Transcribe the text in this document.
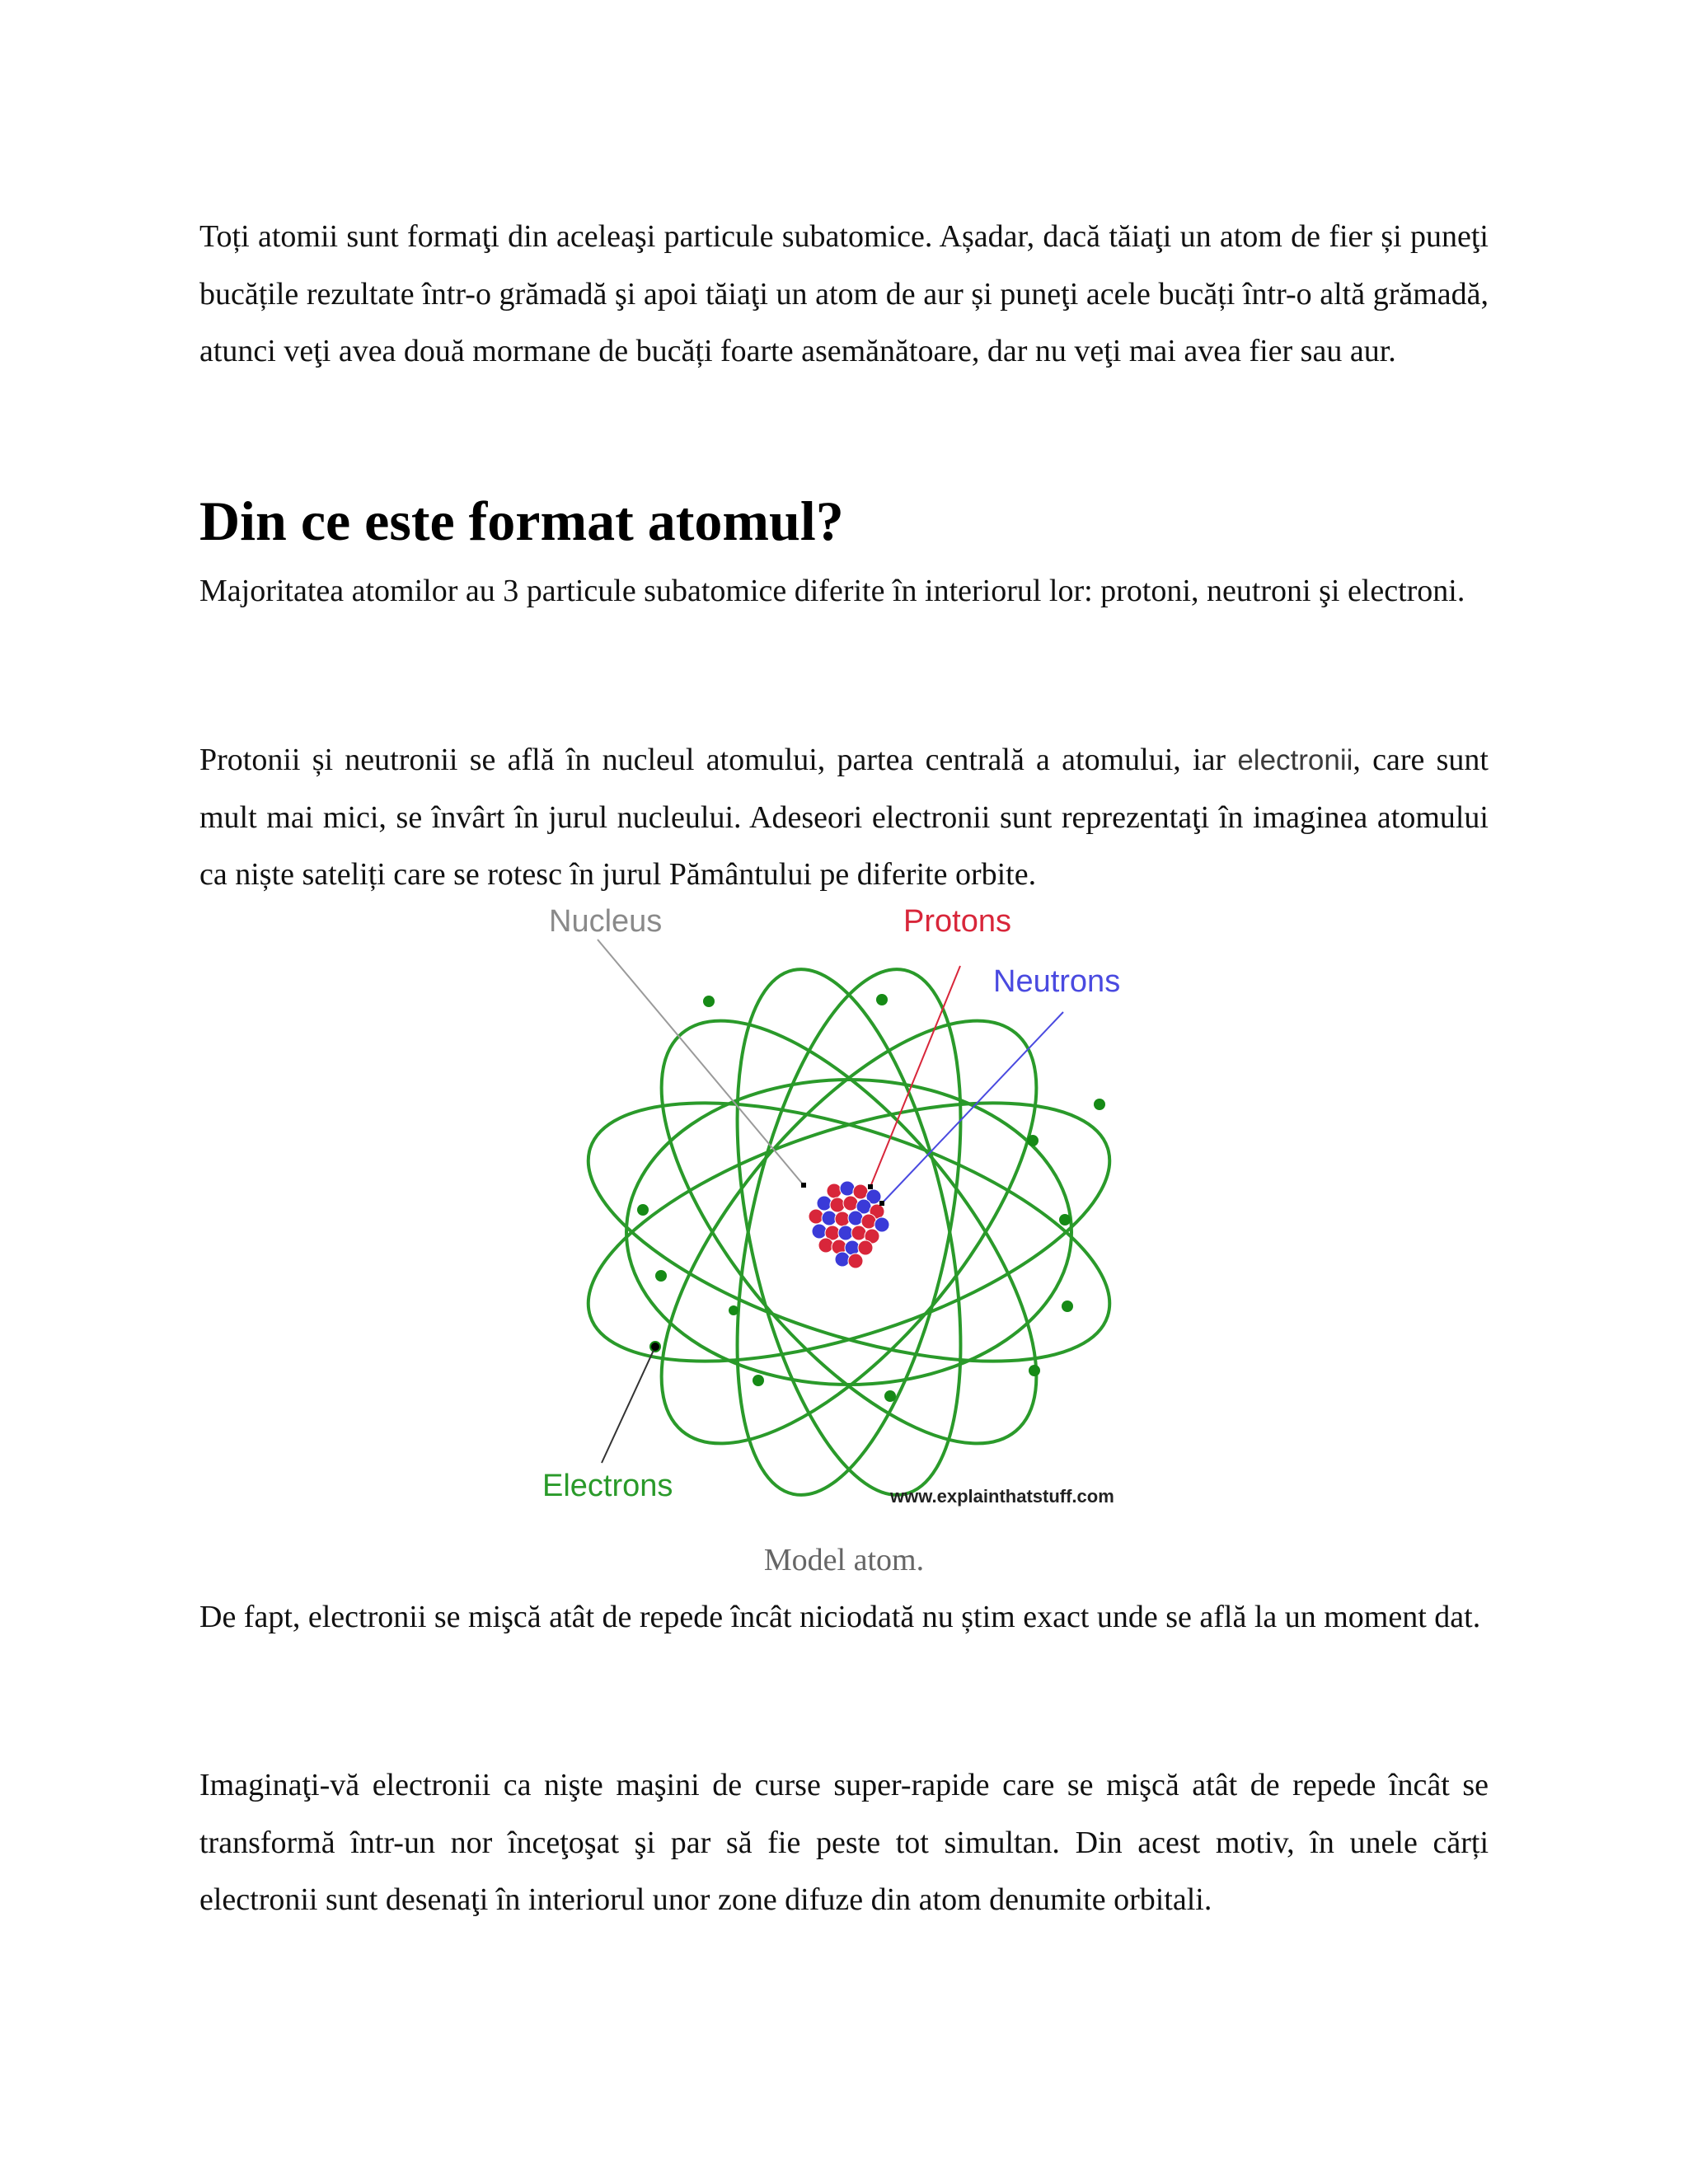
Toți atomii sunt formaţi din aceleaşi particule subatomice. Așadar, dacă tăiaţi un atom de fier și puneţi bucățile rezultate într-o grămadă şi apoi tăiaţi un atom de aur și puneţi acele bucăți într-o altă grămadă, atunci veţi avea două mormane de bucăți foarte asemănătoare, dar nu veţi mai avea fier sau aur.

Din ce este format atomul?

Majoritatea atomilor au 3 particule subatomice diferite în interiorul lor: protoni, neutroni şi electroni.

Protonii și neutronii se află în nucleul atomului, partea centrală a atomului, iar electronii, care sunt mult mai mici, se învârt în jurul nucleului. Adeseori electronii sunt reprezentaţi în imaginea atomului ca niște sateliți care se rotesc în jurul Pământului pe diferite orbite.

Nucleus	Protons
Neutrons
Electrons	www.explainthatstuff.com

Model atom.

De fapt, electronii se mişcă atât de repede încât niciodată nu știm exact unde se află la un moment dat.

Imaginaţi-vă electronii ca nişte maşini de curse super-rapide care se mişcă atât de repede încât se transformă într-un nor înceţoşat şi par să fie peste tot simultan. Din acest motiv, în unele cărți electronii sunt desenaţi în interiorul unor zone difuze din atom denumite orbitali.
